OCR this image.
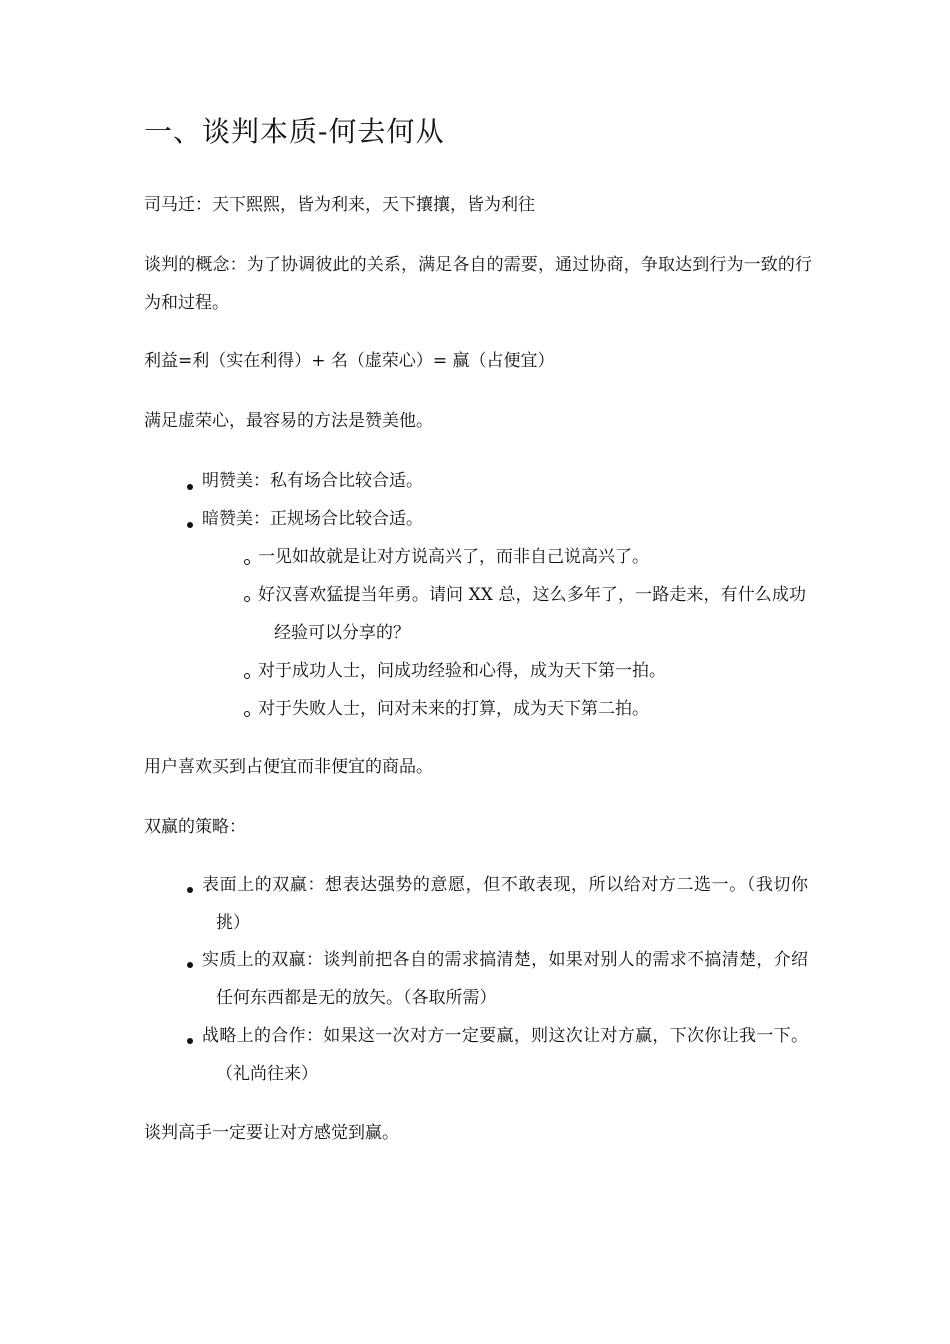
一、谈判本质-何去何从
司马迁：天下熙熙，皆为利来，天下攘攘，皆为利往
谈判的概念：为了协调彼此的关系，满足各自的需要，通过协商，争取达到行为一致的行为和过程。
利益=利（实在利得）+ 名（虚荣心）= 赢（占便宜）
满足虚荣心，最容易的方法是赞美他。
明赞美：私有场合比较合适。
暗赞美：正规场合比较合适。
一见如故就是让对方说高兴了，而非自己说高兴了。
好汉喜欢猛提当年勇。请问 XX 总，这么多年了，一路走来，有什么成功经验可以分享的？
对于成功人士，问成功经验和心得，成为天下第一拍。
对于失败人士，问对未来的打算，成为天下第二拍。
用户喜欢买到占便宜而非便宜的商品。
双赢的策略：
表面上的双赢：想表达强势的意愿，但不敢表现，所以给对方二选一。（我切你挑）
实质上的双赢：谈判前把各自的需求搞清楚，如果对别人的需求不搞清楚，介绍任何东西都是无的放矢。（各取所需）
战略上的合作：如果这一次对方一定要赢，则这次让对方赢，下次你让我一下。（礼尚往来）
谈判高手一定要让对方感觉到赢。
